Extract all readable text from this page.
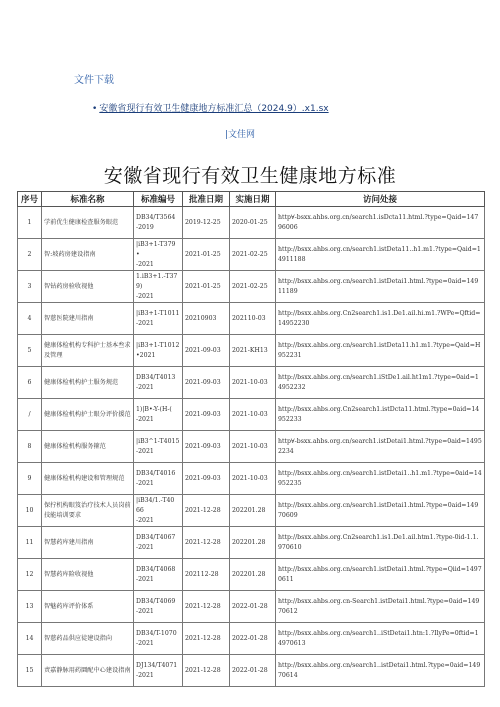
文件下载
• 安徽省现行有效卫生健康地方标准汇总（2024.9）.x1.sx
|文佳网
安徽省现行有效卫生健康地方标准
序号	标准名称	标准编号	批准日期	实施日期	访问处接
1	学前优生健康检查服务眼范	DB34/T3564
-2019	2019-12-25	2020-01-25	http∀-bsxx.ahbs.org.cn/search1.isDcta11.html.?type=Qaid=14796006
2	智:坡药房建设指南	|iB3+1-T379
•
-2021	2021-01-25	2021-02-25	http://bsxx.ahbs.org.cn/search1.istDeta11..h1.m1.?type=Qaid=14911188
3	智钻药房验收视他	1.iB3+1.-T37
9)
-2021	2021-01-25	2021-02-25	http://bsxx.ahbs.org.cn/search1.istDetai1.html.?type=0aid=14911189
4	智慈医院建川指南	|iB3+1-T1011
-2021	20210903	202110-03	http://bsxx.ahbs.org.Cn2search1.is1.De1.ail.hi.m1.?WPe=Qftid=14952230
5	健康体检机构专科护士基本叁求及管理	|iB3+1-T1012
•2021	2021-09-03	2021-KH13	http://bsxx.ahbs.org.cn/search1.istDeta11.h1.m1.?type=Qaid=H952231
6	健康体检机构护士服务规范	DB34/T4013
-2021	2021-09-03	2021-10-03	http://bsxx.ahbs.org.cn/search1.iStDe1.ail.ht1m1.?type=0aid=14952232
/	健康体检机构护士眼分评价援范	1)|B•-Y-(H-(
-2021	2021-09-03	2021-10-03	http://bsxx.ahbs.org.Cn2search1.istDcta11.html.?type=0aid=14952233
8	健康体检机构服务箍范	|iB3^1-T4015
-2021	2021-09-03	2021-10-03	http∀-bsxx.ahbs.org.cn/search1.istDetai1.html.?type=0aid=14952234
9	健康体检机构建设和管理规范	DB34/T4016
-2021	2021-09-03	2021-10-03	http://bsxx.ahbs.org.cn/search1.istDetai1..h1.m1.?type=0aid=14952235
10	保拧机构眼笈治疗技术人员岗前技能培训要求	|iB34/1.-T40
66
-2021	2021-12-28	202201.28	http://bsxx.ahbs.org.cn/search1.istDetai1.html.?type=0aid=14970609
11	智慧药库建川指南	DB34/T4067
-2021	2021-12-28	202201.28	http://bsxx.ahbs.org.Cn2search1.is1.De1.ail.htm1.?type-0id-1.1.970610
12	智慧药库险收视他	DB34/T4068
-2021	202112-28	202201.28	http://bsxx.ahbs.org.cn/search1.istDetai1.html.?type=Qiid=14970611
13	智魅药库评价体系	DB34/T4069
-2021	2021-12-28	2022-01-28	http://bsxx.ahbs.org.cn-Search1.istDetai1.html.?type=0aid=14970612
14	智慈药品供应徒建设指向	DB34/T-1070
-2021	2021-12-28	2022-01-28	http://bsxx.ahbs.org.cn/search1..iStDetai1.htn:1.?IlyPe=0ftid=14970613
15	责嘉静脉用药圜配中心建设指南	DJ134/T4071
-2021	2021-12-28	2022-01-28	http://bsxx.ahbs.org.cn/search1..istDetai1.html.?type=0aid=14970614
